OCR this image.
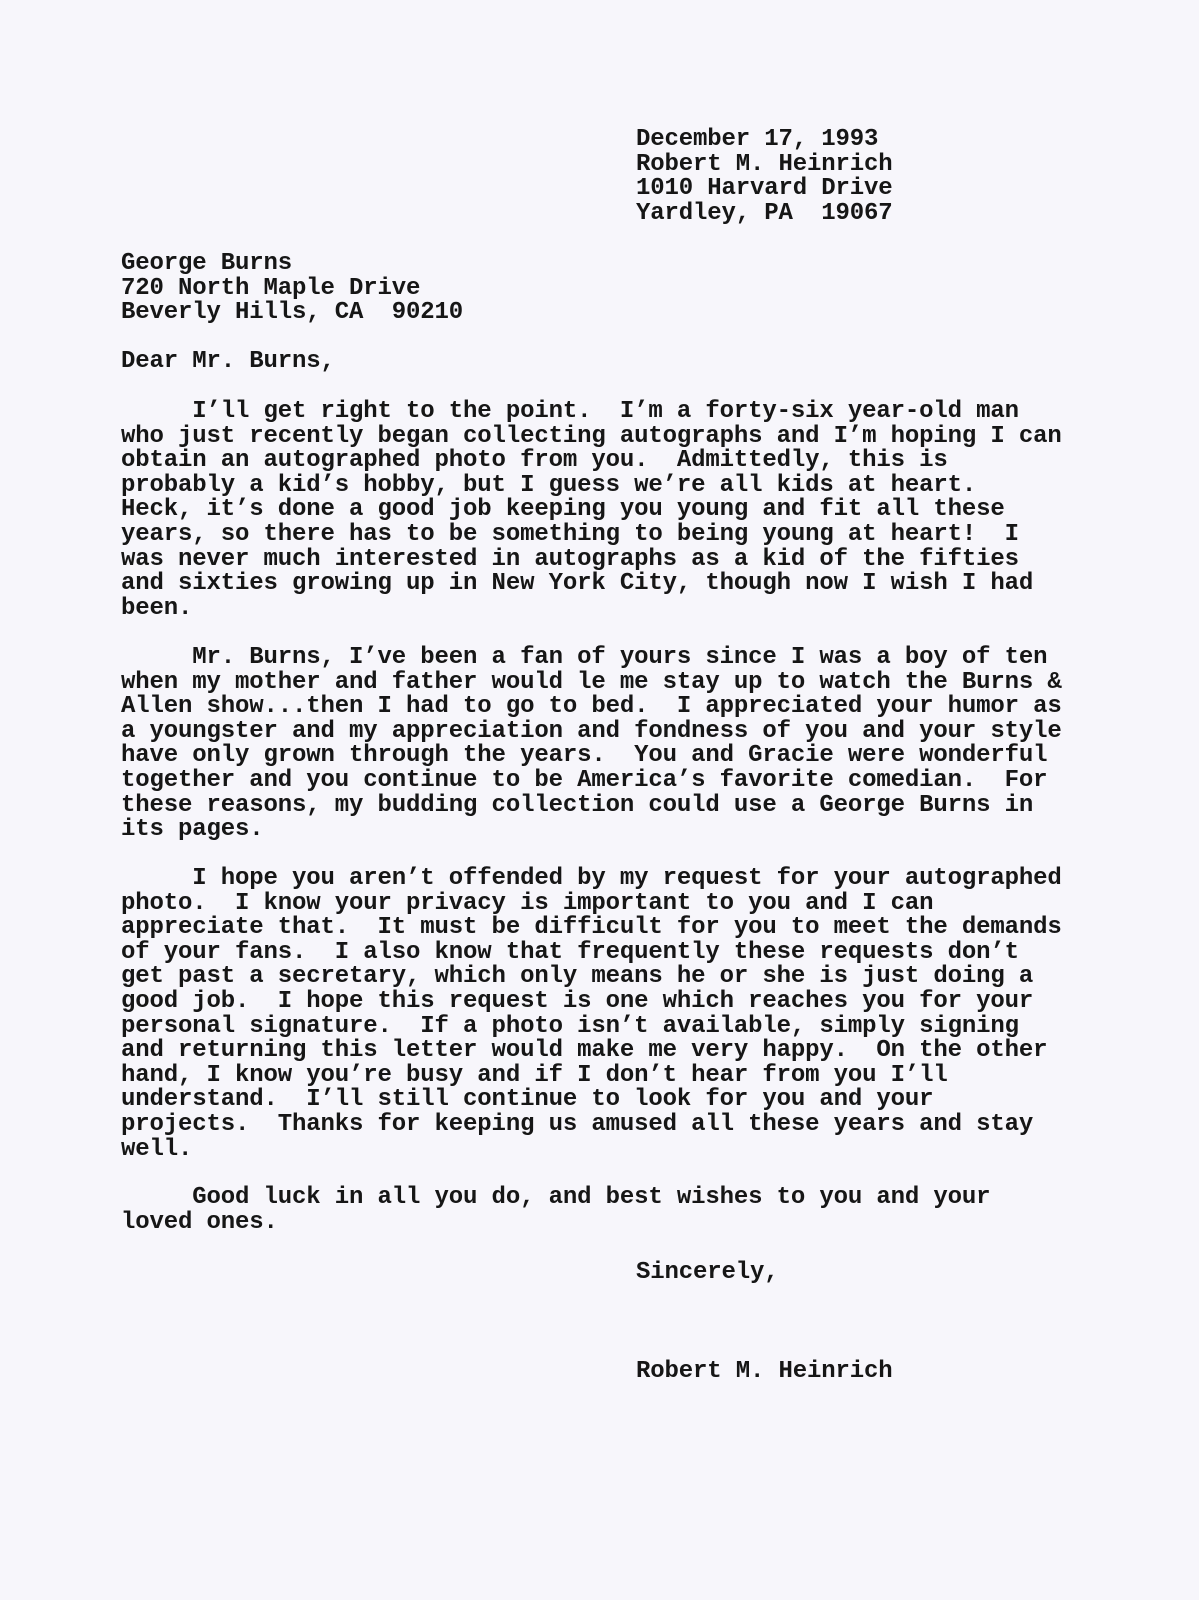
December 17, 1993
Robert M. Heinrich
1010 Harvard Drive
Yardley, PA  19067
George Burns
720 North Maple Drive
Beverly Hills, CA  90210
Dear Mr. Burns,
I’ll get right to the point.  I’m a forty-six year-old man
who just recently began collecting autographs and I’m hoping I can
obtain an autographed photo from you.  Admittedly, this is
probably a kid’s hobby, but I guess we’re all kids at heart.
Heck, it’s done a good job keeping you young and fit all these
years, so there has to be something to being young at heart!  I
was never much interested in autographs as a kid of the fifties
and sixties growing up in New York City, though now I wish I had
been.
Mr. Burns, I’ve been a fan of yours since I was a boy of ten
when my mother and father would le me stay up to watch the Burns &
Allen show...then I had to go to bed.  I appreciated your humor as
a youngster and my appreciation and fondness of you and your style
have only grown through the years.  You and Gracie were wonderful
together and you continue to be America’s favorite comedian.  For
these reasons, my budding collection could use a George Burns in
its pages.
I hope you aren’t offended by my request for your autographed
photo.  I know your privacy is important to you and I can
appreciate that.  It must be difficult for you to meet the demands
of your fans.  I also know that frequently these requests don’t
get past a secretary, which only means he or she is just doing a
good job.  I hope this request is one which reaches you for your
personal signature.  If a photo isn’t available, simply signing
and returning this letter would make me very happy.  On the other
hand, I know you’re busy and if I don’t hear from you I’ll
understand.  I’ll still continue to look for you and your
projects.  Thanks for keeping us amused all these years and stay
well.
Good luck in all you do, and best wishes to you and your
loved ones.
Sincerely,
Robert M. Heinrich
